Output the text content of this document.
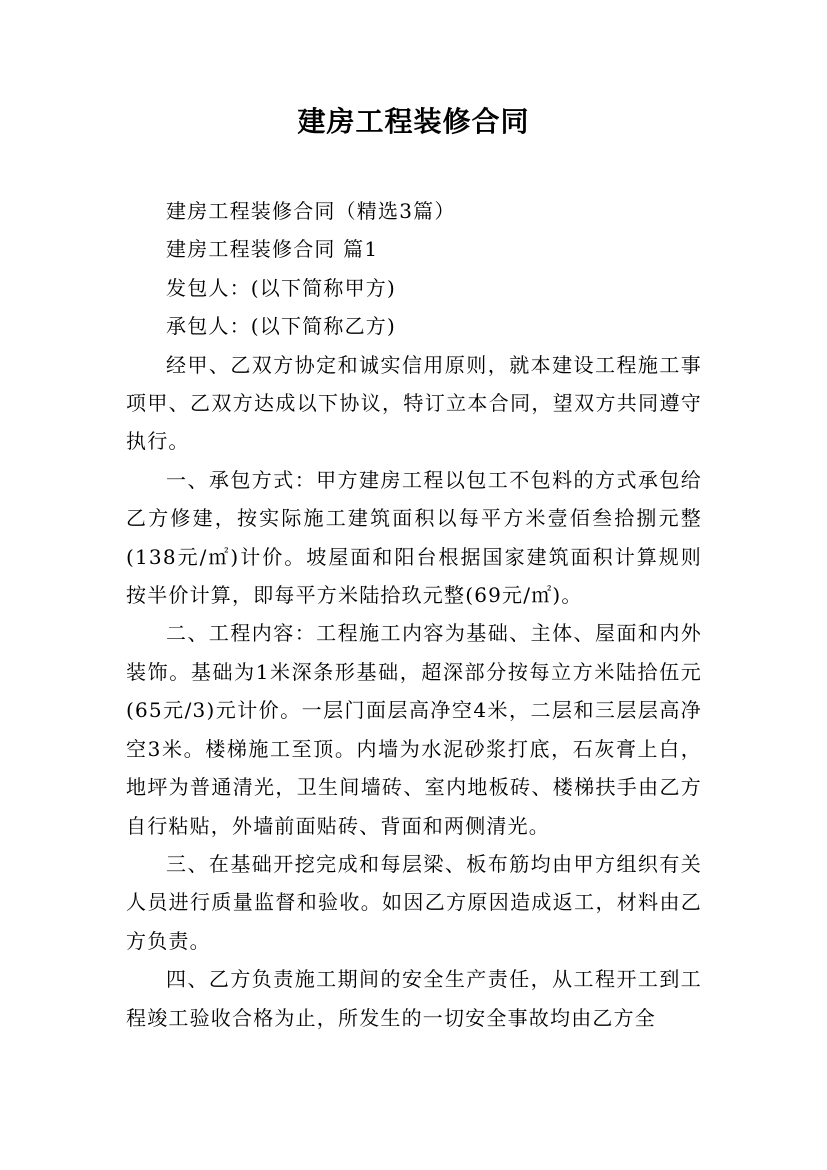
建房工程装修合同

建房工程装修合同（精选3篇）

建房工程装修合同 篇1

发包人：(以下简称甲方)

承包人：(以下简称乙方)

经甲、乙双方协定和诚实信用原则，就本建设工程施工事项甲、乙双方达成以下协议，特订立本合同，望双方共同遵守执行。

一、承包方式：甲方建房工程以包工不包料的方式承包给乙方修建，按实际施工建筑面积以每平方米壹佰叁拾捌元整(138元/㎡)计价。坡屋面和阳台根据国家建筑面积计算规则按半价计算，即每平方米陆拾玖元整(69元/㎡)。

二、工程内容：工程施工内容为基础、主体、屋面和内外装饰。基础为1米深条形基础，超深部分按每立方米陆拾伍元(65元/3)元计价。一层门面层高净空4米，二层和三层层高净空3米。楼梯施工至顶。内墙为水泥砂浆打底，石灰膏上白，地坪为普通清光，卫生间墙砖、室内地板砖、楼梯扶手由乙方自行粘贴，外墙前面贴砖、背面和两侧清光。

三、在基础开挖完成和每层梁、板布筋均由甲方组织有关人员进行质量监督和验收。如因乙方原因造成返工，材料由乙方负责。

四、乙方负责施工期间的安全生产责任，从工程开工到工程竣工验收合格为止，所发生的一切安全事故均由乙方全
